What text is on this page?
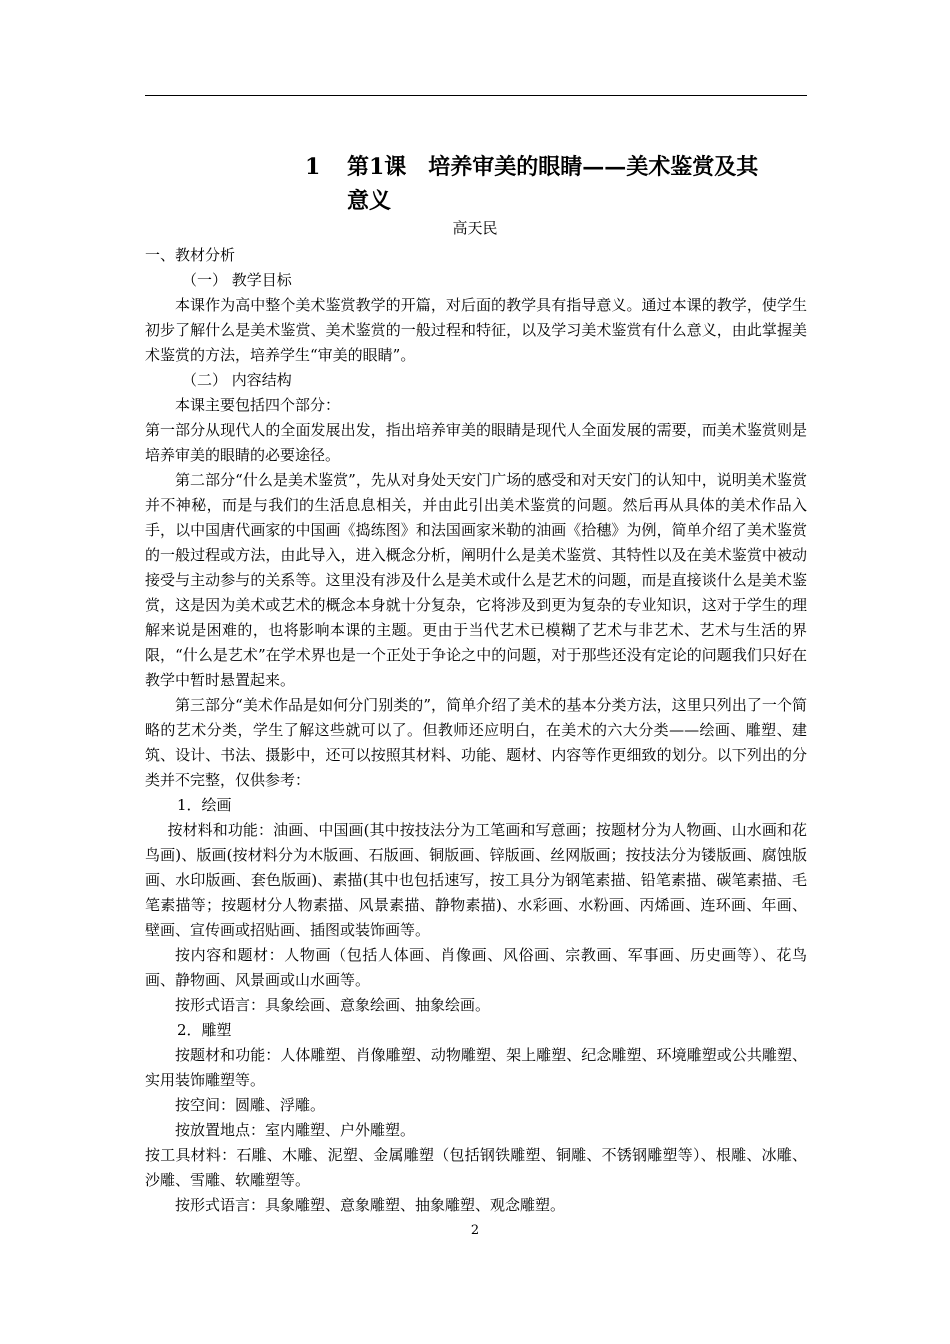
1 第1课　培养审美的眼睛——美术鉴赏及其
意义
高天民

一、教材分析

（一） 教学目标

本课作为高中整个美术鉴赏教学的开篇，对后面的教学具有指导意义。通过本课的教学，使学生初步了解什么是美术鉴赏、美术鉴赏的一般过程和特征，以及学习美术鉴赏有什么意义，由此掌握美术鉴赏的方法，培养学生“审美的眼睛”。

（二） 内容结构

本课主要包括四个部分：

第一部分从现代人的全面发展出发，指出培养审美的眼睛是现代人全面发展的需要，而美术鉴赏则是培养审美的眼睛的必要途径。

第二部分“什么是美术鉴赏”，先从对身处天安门广场的感受和对天安门的认知中，说明美术鉴赏并不神秘，而是与我们的生活息息相关，并由此引出美术鉴赏的问题。然后再从具体的美术作品入手，以中国唐代画家的中国画《捣练图》和法国画家米勒的油画《拾穗》为例，简单介绍了美术鉴赏的一般过程或方法，由此导入，进入概念分析，阐明什么是美术鉴赏、其特性以及在美术鉴赏中被动接受与主动参与的关系等。这里没有涉及什么是美术或什么是艺术的问题，而是直接谈什么是美术鉴赏，这是因为美术或艺术的概念本身就十分复杂，它将涉及到更为复杂的专业知识，这对于学生的理解来说是困难的，也将影响本课的主题。更由于当代艺术已模糊了艺术与非艺术、艺术与生活的界限，“什么是艺术”在学术界也是一个正处于争论之中的问题，对于那些还没有定论的问题我们只好在教学中暂时悬置起来。

第三部分“美术作品是如何分门别类的”，简单介绍了美术的基本分类方法，这里只列出了一个简略的艺术分类，学生了解这些就可以了。但教师还应明白，在美术的六大分类——绘画、雕塑、建筑、设计、书法、摄影中，还可以按照其材料、功能、题材、内容等作更细致的划分。以下列出的分类并不完整，仅供参考：

1．绘画

按材料和功能：油画、中国画(其中按技法分为工笔画和写意画；按题材分为人物画、山水画和花鸟画)、版画(按材料分为木版画、石版画、铜版画、锌版画、丝网版画；按技法分为镂版画、腐蚀版画、水印版画、套色版画)、素描(其中也包括速写，按工具分为钢笔素描、铅笔素描、碳笔素描、毛笔素描等；按题材分人物素描、风景素描、静物素描)、水彩画、水粉画、丙烯画、连环画、年画、壁画、宣传画或招贴画、插图或装饰画等。

按内容和题材：人物画（包括人体画、肖像画、风俗画、宗教画、军事画、历史画等）、花鸟画、静物画、风景画或山水画等。

按形式语言：具象绘画、意象绘画、抽象绘画。

2．雕塑

按题材和功能：人体雕塑、肖像雕塑、动物雕塑、架上雕塑、纪念雕塑、环境雕塑或公共雕塑、实用装饰雕塑等。

按空间：圆雕、浮雕。

按放置地点：室内雕塑、户外雕塑。

按工具材料：石雕、木雕、泥塑、金属雕塑（包括钢铁雕塑、铜雕、不锈钢雕塑等）、根雕、冰雕、沙雕、雪雕、软雕塑等。

按形式语言：具象雕塑、意象雕塑、抽象雕塑、观念雕塑。

2
